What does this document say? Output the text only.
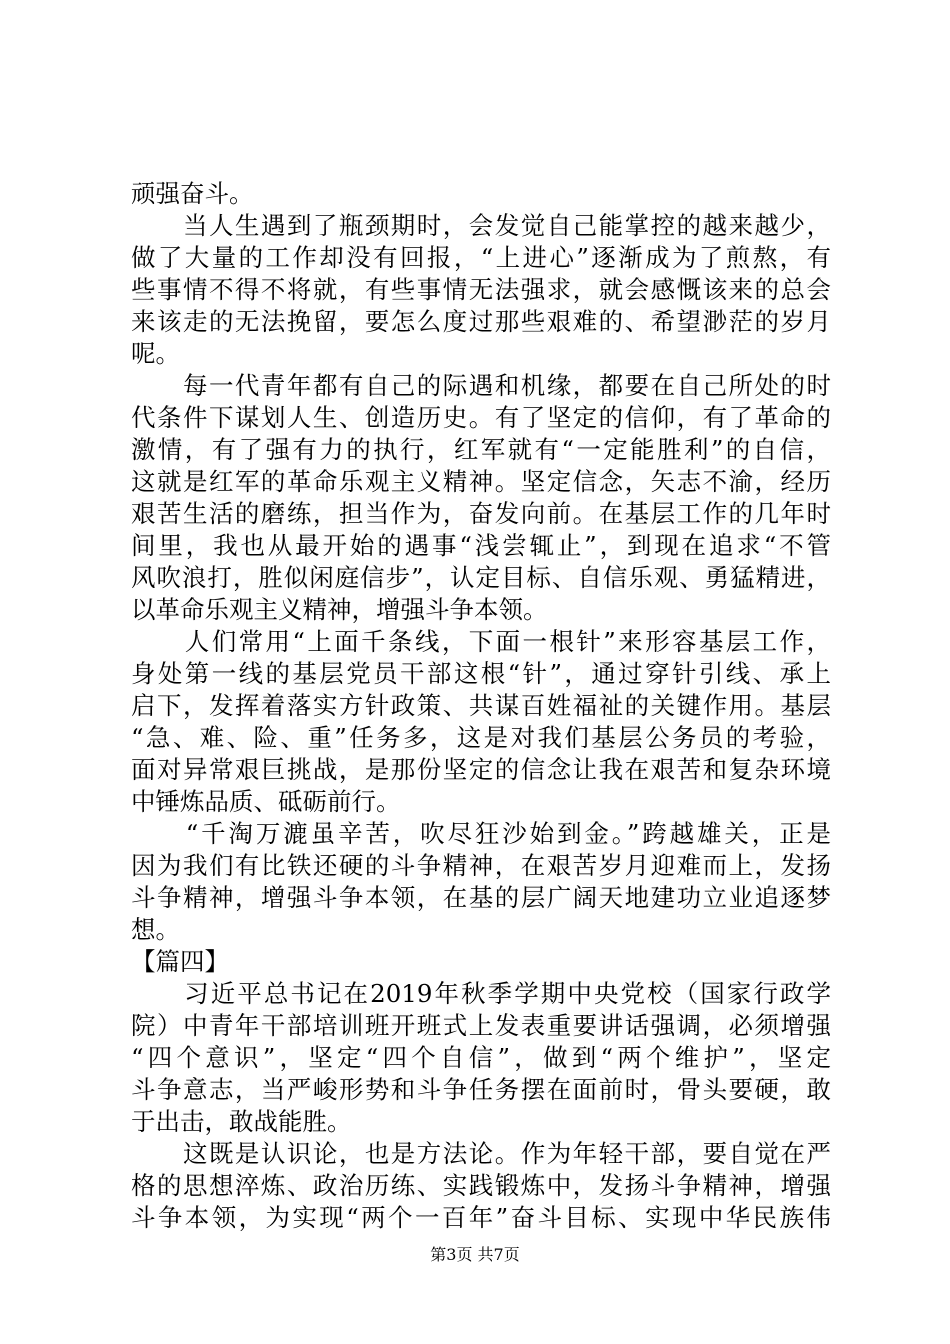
顽强奋斗。
　　当人生遇到了瓶颈期时，会发觉自己能掌控的越来越少，
做了大量的工作却没有回报，“上进心”逐渐成为了煎熬，有
些事情不得不将就，有些事情无法强求，就会感慨该来的总会
来该走的无法挽留，要怎么度过那些艰难的、希望渺茫的岁月
呢。
　　每一代青年都有自己的际遇和机缘，都要在自己所处的时
代条件下谋划人生、创造历史。有了坚定的信仰，有了革命的
激情，有了强有力的执行，红军就有“一定能胜利”的自信，
这就是红军的革命乐观主义精神。坚定信念，矢志不渝，经历
艰苦生活的磨练，担当作为，奋发向前。在基层工作的几年时
间里，我也从最开始的遇事“浅尝辄止”，到现在追求“不管
风吹浪打，胜似闲庭信步”，认定目标、自信乐观、勇猛精进，
以革命乐观主义精神，增强斗争本领。
　　人们常用“上面千条线，下面一根针”来形容基层工作，
身处第一线的基层党员干部这根“针”，通过穿针引线、承上
启下，发挥着落实方针政策、共谋百姓福祉的关键作用。基层
“急、难、险、重”任务多，这是对我们基层公务员的考验，
面对异常艰巨挑战，是那份坚定的信念让我在艰苦和复杂环境
中锤炼品质、砥砺前行。
　　“千淘万漉虽辛苦，吹尽狂沙始到金。”跨越雄关，正是
因为我们有比铁还硬的斗争精神，在艰苦岁月迎难而上，发扬
斗争精神，增强斗争本领，在基的层广阔天地建功立业追逐梦
想。
【篇四】
　　习近平总书记在2019年秋季学期中央党校（国家行政学
院）中青年干部培训班开班式上发表重要讲话强调，必须增强
“四个意识”，坚定“四个自信”，做到“两个维护”，坚定
斗争意志，当严峻形势和斗争任务摆在面前时，骨头要硬，敢
于出击，敢战能胜。
　　这既是认识论，也是方法论。作为年轻干部，要自觉在严
格的思想淬炼、政治历练、实践锻炼中，发扬斗争精神，增强
斗争本领，为实现“两个一百年”奋斗目标、实现中华民族伟
第3页 共7页
